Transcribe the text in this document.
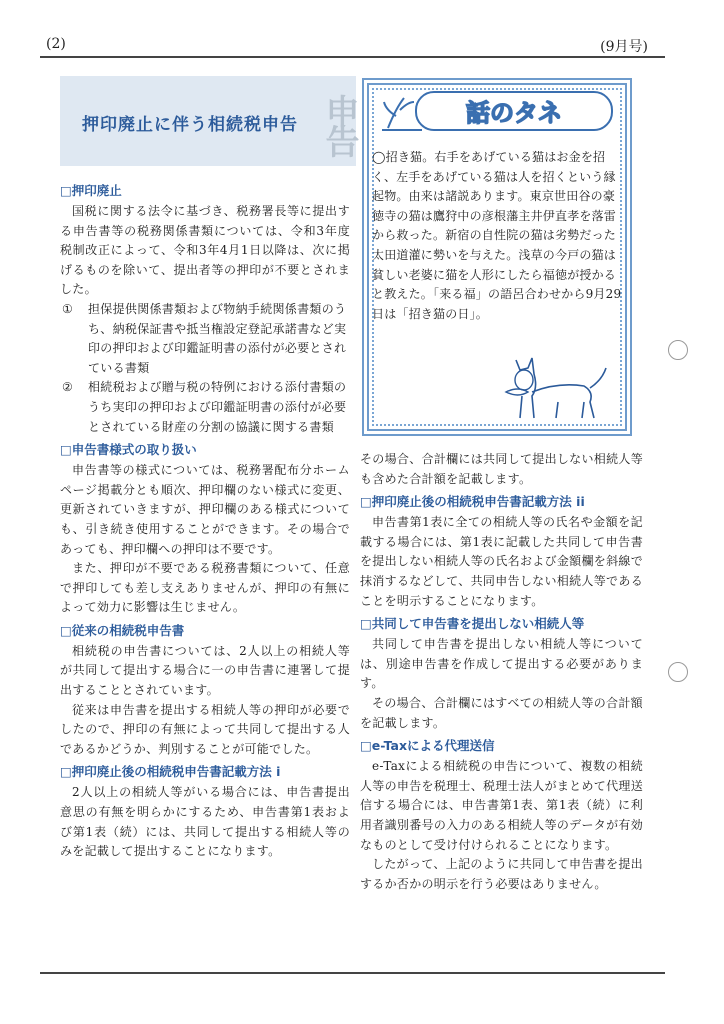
(2)	(9月号)
申告
押印廃止に伴う相続税申告
□押印廃止

国税に関する法令に基づき、税務署長等に提出する申告書等の税務関係書類については、令和3年度税制改正によって、令和3年4月1日以降は、次に掲げるものを除いて、提出者等の押印が不要とされました。

①	担保提供関係書類および物納手続関係書類のうち、納税保証書や抵当権設定登記承諾書など実印の押印および印鑑証明書の添付が必要とされている書類
②	相続税および贈与税の特例における添付書類のうち実印の押印および印鑑証明書の添付が必要とされている財産の分割の協議に関する書類
□申告書様式の取り扱い

申告書等の様式については、税務署配布分ホームページ掲載分とも順次、押印欄のない様式に変更、更新されていきますが、押印欄のある様式についても、引き続き使用することができます。その場合であっても、押印欄への押印は不要です。

また、押印が不要である税務書類について、任意で押印しても差し支えありませんが、押印の有無によって効力に影響は生じません。

□従来の相続税申告書

相続税の申告書については、2人以上の相続人等が共同して提出する場合に一の申告書に連署して提出することとされています。

従来は申告書を提出する相続人等の押印が必要でしたので、押印の有無によって共同して提出する人であるかどうか、判別することが可能でした。

□押印廃止後の相続税申告書記載方法 i

2人以上の相続人等がいる場合には、申告書提出意思の有無を明らかにするため、申告書第1表および第1表（続）には、共同して提出する相続人等のみを記載して提出することになります。

話のタネ
◯招き猫。右手をあげている猫はお金を招く、左手をあげている猫は人を招くという縁起物。由来は諸説あります。東京世田谷の豪徳寺の猫は鷹狩中の彦根藩主井伊直孝を落雷から救った。新宿の自性院の猫は劣勢だった太田道灌に勢いを与えた。浅草の今戸の猫は貧しい老婆に猫を人形にしたら福徳が授かると教えた。「来る福」の語呂合わせから9月29日は「招き猫の日」。

その場合、合計欄には共同して提出しない相続人等も含めた合計額を記載します。

□押印廃止後の相続税申告書記載方法 ii

申告書第1表に全ての相続人等の氏名や金額を記載する場合には、第1表に記載した共同して申告書を提出しない相続人等の氏名および金額欄を斜線で抹消するなどして、共同申告しない相続人等であることを明示することになります。

□共同して申告書を提出しない相続人等

共同して申告書を提出しない相続人等については、別途申告書を作成して提出する必要があります。

その場合、合計欄にはすべての相続人等の合計額を記載します。

□e-Taxによる代理送信

e-Taxによる相続税の申告について、複数の相続人等の申告を税理士、税理士法人がまとめて代理送信する場合には、申告書第1表、第1表（続）に利用者識別番号の入力のある相続人等のデータが有効なものとして受け付けられることになります。

したがって、上記のように共同して申告書を提出するか否かの明示を行う必要はありません。
